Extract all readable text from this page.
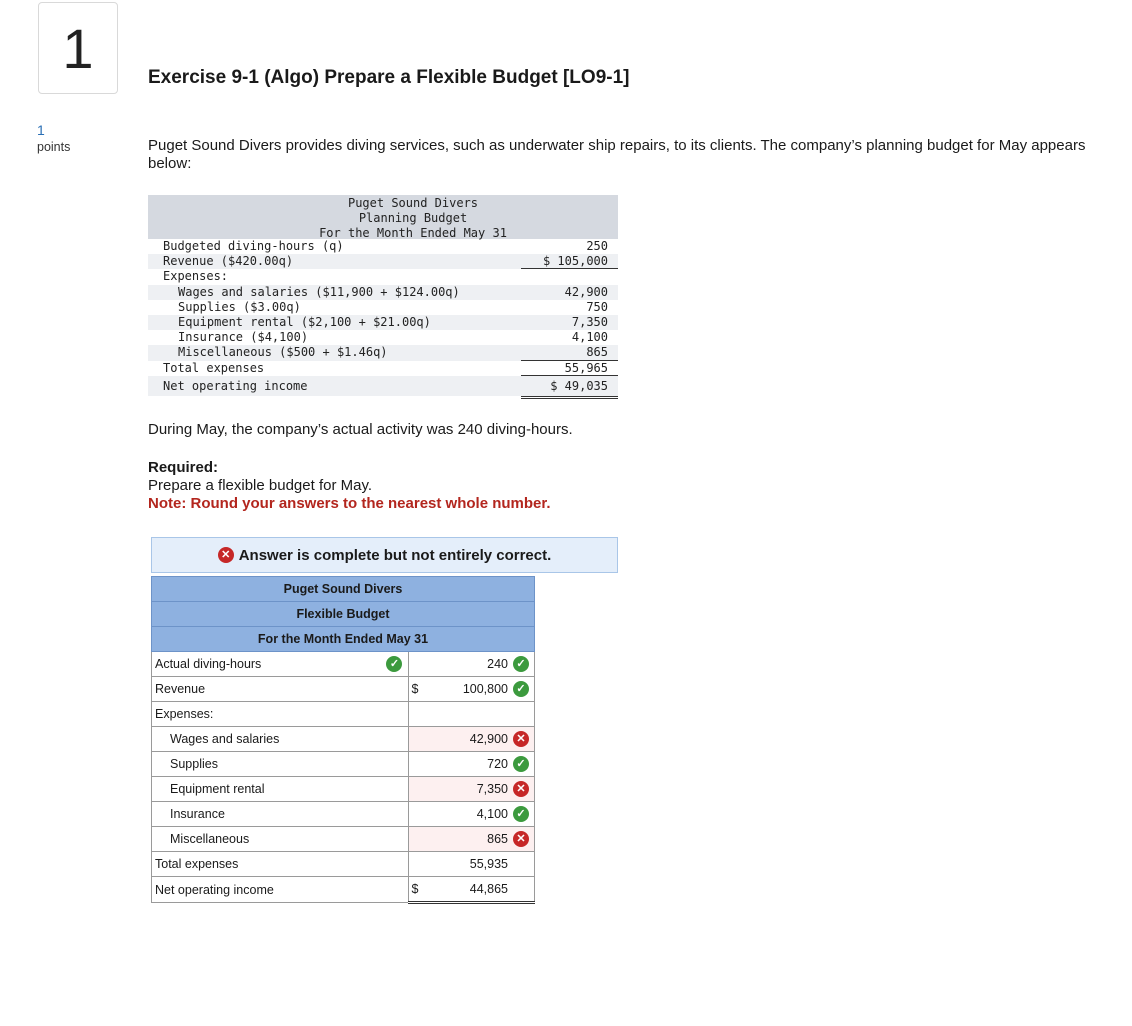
1
1
points
Exercise 9-1 (Algo) Prepare a Flexible Budget [LO9-1]
Puget Sound Divers provides diving services, such as underwater ship repairs, to its clients. The company’s planning budget for May appears below:
Puget Sound Divers
Planning Budget
For the Month Ended May 31
Budgeted diving-hours (q)	250
Revenue ($420.00q)	$ 105,000
Expenses:
Wages and salaries ($11,900 + $124.00q)	42,900
Supplies ($3.00q)	750
Equipment rental ($2,100 + $21.00q)	7,350
Insurance ($4,100)	4,100
Miscellaneous ($500 + $1.46q)	865
Total expenses	55,965
Net operating income	$ 49,035
During May, the company’s actual activity was 240 diving-hours.
Required:
Prepare a flexible budget for May.
Note: Round your answers to the nearest whole number.
✕ Answer is complete but not entirely correct.
Puget Sound Divers	
Flexible Budget	
For the Month Ended May 31	
Actual diving-hours ✓	240 ✓

Revenue	$ 100,800 ✓

Expenses:	
Wages and salaries	42,900 ✕

Supplies	720 ✓

Equipment rental	7,350 ✕

Insurance	4,100 ✓

Miscellaneous	865 ✕

Total expenses	55,935

Net operating income	$ 44,865
